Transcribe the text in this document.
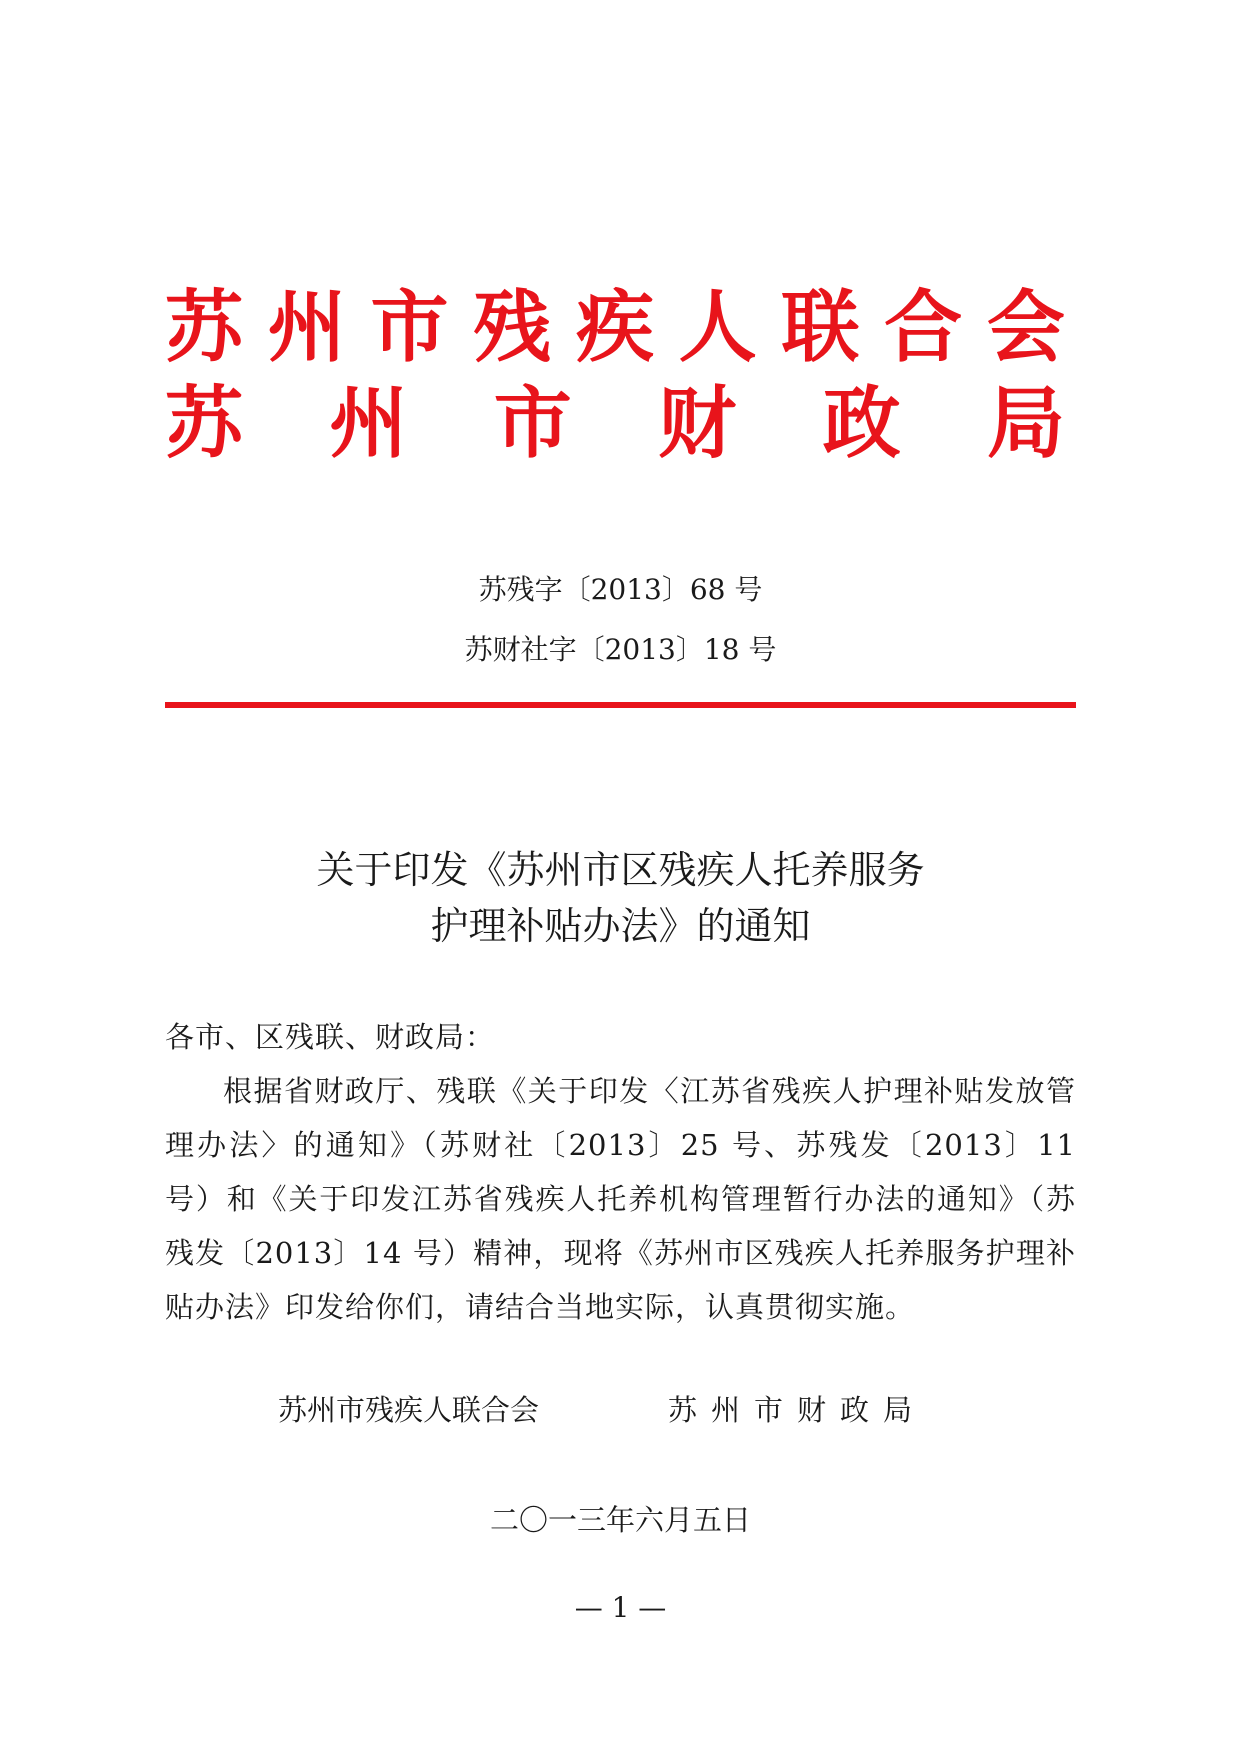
苏 州 市 残 疾 人 联 合 会
苏 州 市 财 政 局
苏残字〔2013〕68 号
苏财社字〔2013〕18 号
关于印发《苏州市区残疾人托养服务
护理补贴办法》的通知
各市、区残联、财政局：
根据省财政厅、残联《关于印发〈江苏省残疾人护理补贴发放管理办法〉的通知》（苏财社〔2013〕25 号、苏残发〔2013〕11 号）和《关于印发江苏省残疾人托养机构管理暂行办法的通知》（苏残发〔2013〕14 号）精神，现将《苏州市区残疾人托养服务护理补贴办法》印发给你们，请结合当地实际，认真贯彻实施。
苏州市残疾人联合会	苏州市财政局
二〇一三年六月五日
— 1 —
